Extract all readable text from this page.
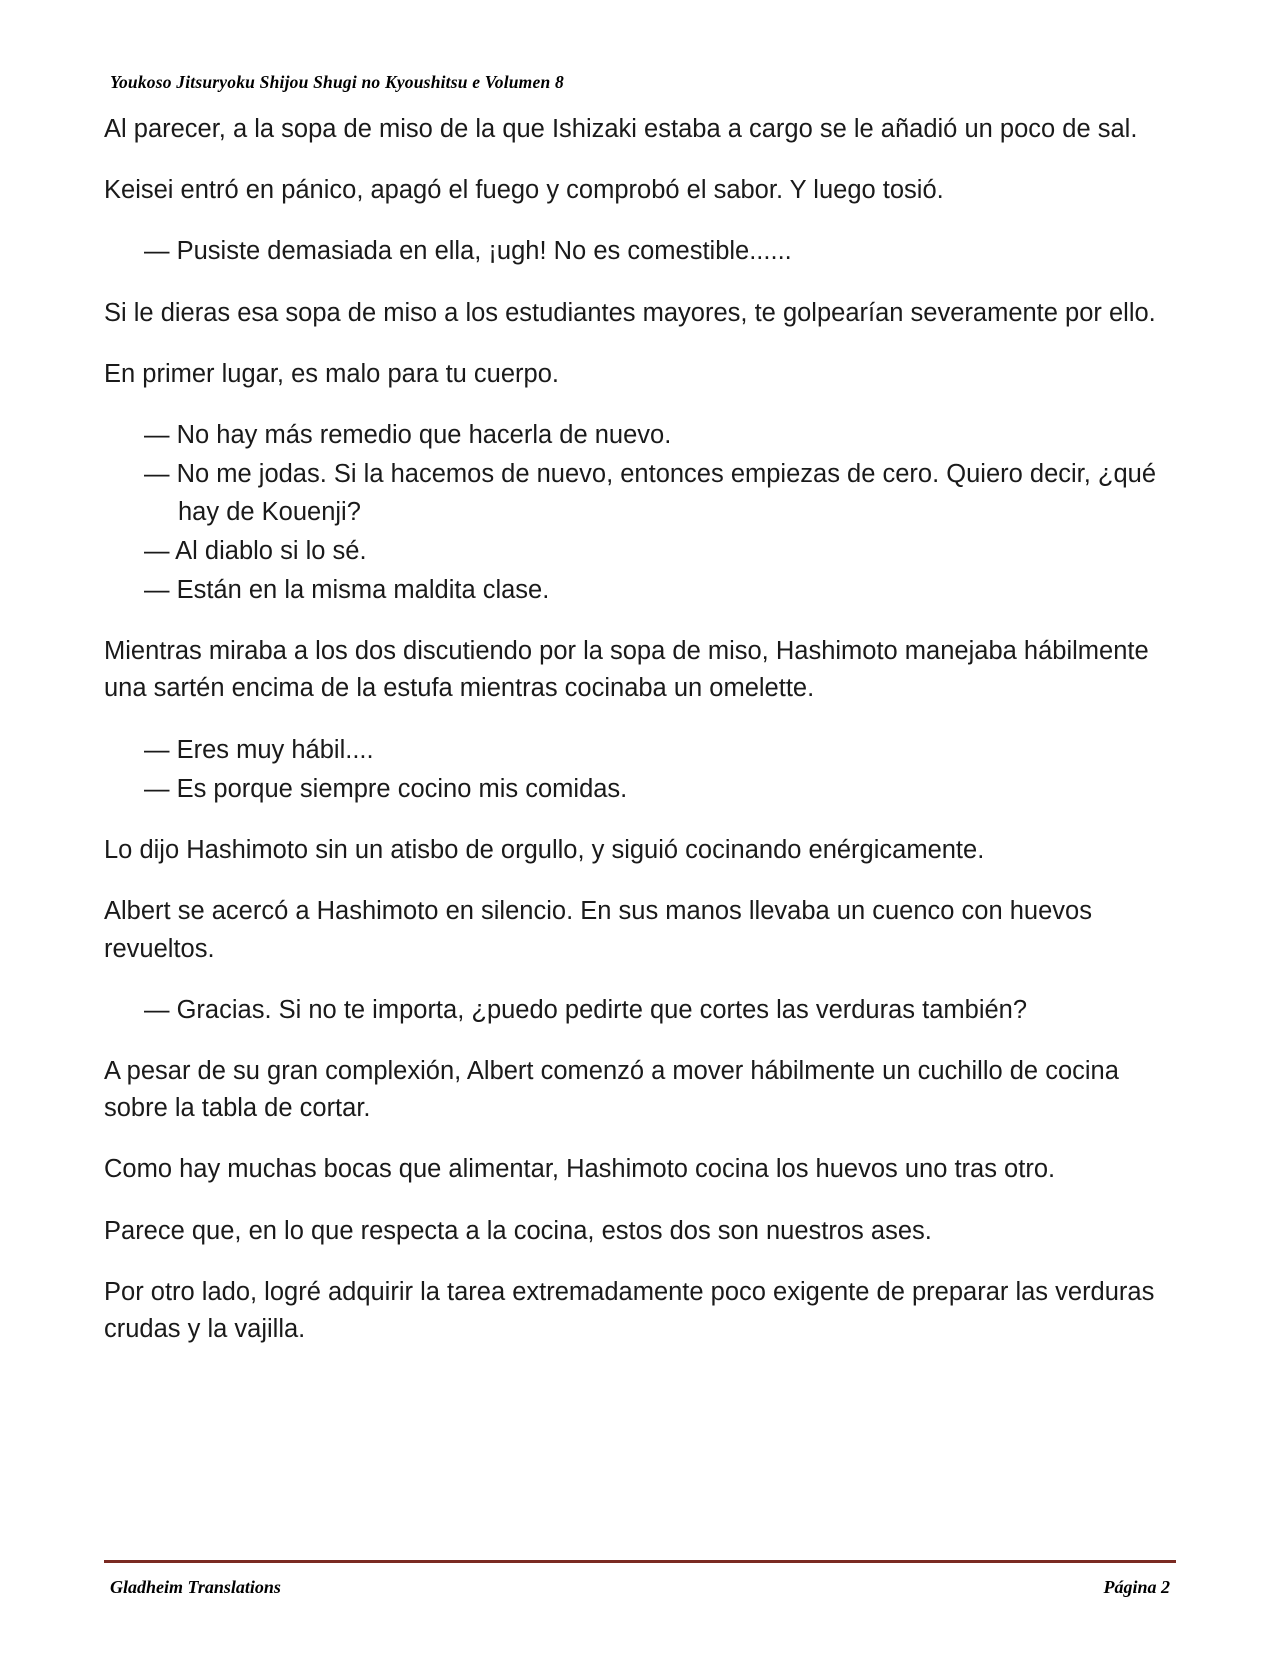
Youkoso Jitsuryoku Shijou Shugi no Kyoushitsu e Volumen 8

Al parecer, a la sopa de miso de la que Ishizaki estaba a cargo se le añadió un poco de sal.

Keisei entró en pánico, apagó el fuego y comprobó el sabor. Y luego tosió.

— Pusiste demasiada en ella, ¡ugh! No es comestible......

Si le dieras esa sopa de miso a los estudiantes mayores, te golpearían severamente por ello.

En primer lugar, es malo para tu cuerpo.

— No hay más remedio que hacerla de nuevo.
— No me jodas. Si la hacemos de nuevo, entonces empiezas de cero. Quiero decir, ¿qué hay de Kouenji?
— Al diablo si lo sé.
— Están en la misma maldita clase.

Mientras miraba a los dos discutiendo por la sopa de miso, Hashimoto manejaba hábilmente una sartén encima de la estufa mientras cocinaba un omelette.

— Eres muy hábil....
— Es porque siempre cocino mis comidas.

Lo dijo Hashimoto sin un atisbo de orgullo, y siguió cocinando enérgicamente.

Albert se acercó a Hashimoto en silencio. En sus manos llevaba un cuenco con huevos revueltos.

— Gracias. Si no te importa, ¿puedo pedirte que cortes las verduras también?

A pesar de su gran complexión, Albert comenzó a mover hábilmente un cuchillo de cocina sobre la tabla de cortar.

Como hay muchas bocas que alimentar, Hashimoto cocina los huevos uno tras otro.

Parece que, en lo que respecta a la cocina, estos dos son nuestros ases.

Por otro lado, logré adquirir la tarea extremadamente poco exigente de preparar las verduras crudas y la vajilla.

Gladheim Translations	Página 2
